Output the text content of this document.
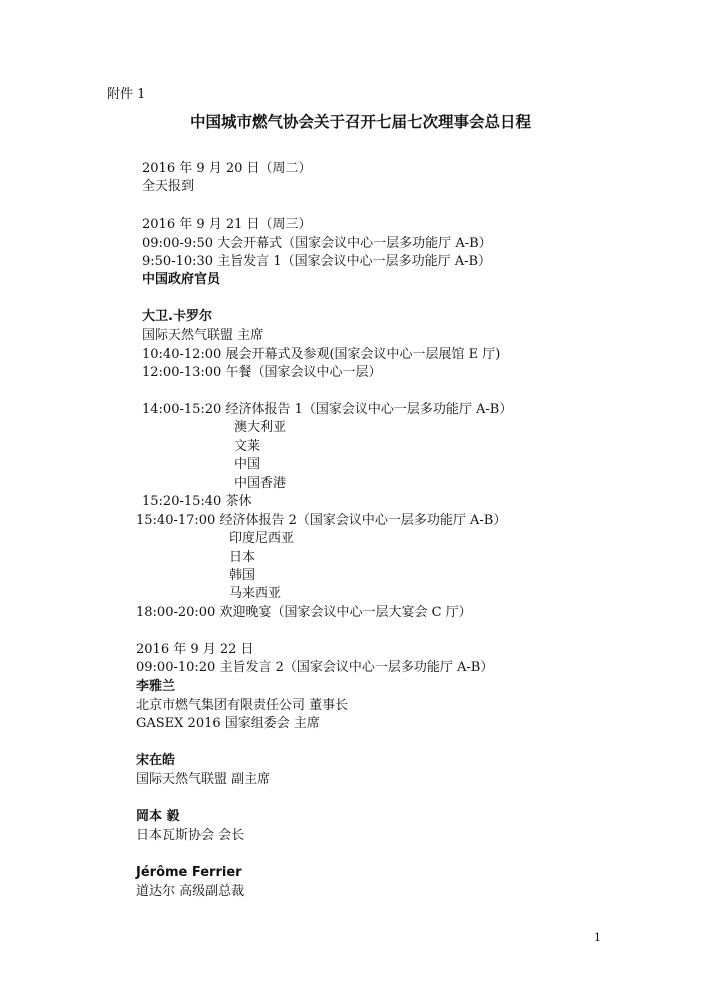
附件 1
中国城市燃气协会关于召开七届七次理事会总日程
2016 年 9 月 20 日（周二）
全天报到
2016 年 9 月 21 日（周三）
09:00-9:50 大会开幕式（国家会议中心一层多功能厅 A-B）
9:50-10:30 主旨发言 1（国家会议中心一层多功能厅 A-B）
中国政府官员
大卫.卡罗尔
国际天然气联盟 主席
10:40-12:00 展会开幕式及参观(国家会议中心一层展馆 E 厅)
12:00-13:00 午餐（国家会议中心一层）
14:00-15:20 经济体报告 1（国家会议中心一层多功能厅 A-B）
澳大利亚
文莱
中国
中国香港
15:20-15:40 茶休
15:40-17:00 经济体报告 2（国家会议中心一层多功能厅 A-B）
印度尼西亚
日本
韩国
马来西亚
18:00-20:00 欢迎晚宴（国家会议中心一层大宴会 C 厅）
2016 年 9 月 22 日
09:00-10:20 主旨发言 2（国家会议中心一层多功能厅 A-B）
李雅兰
北京市燃气集团有限责任公司 董事长
GASEX 2016 国家组委会 主席
宋在皓
国际天然气联盟 副主席
岡本 毅
日本瓦斯协会 会长
Jérôme Ferrier
道达尔 高级副总裁
1
